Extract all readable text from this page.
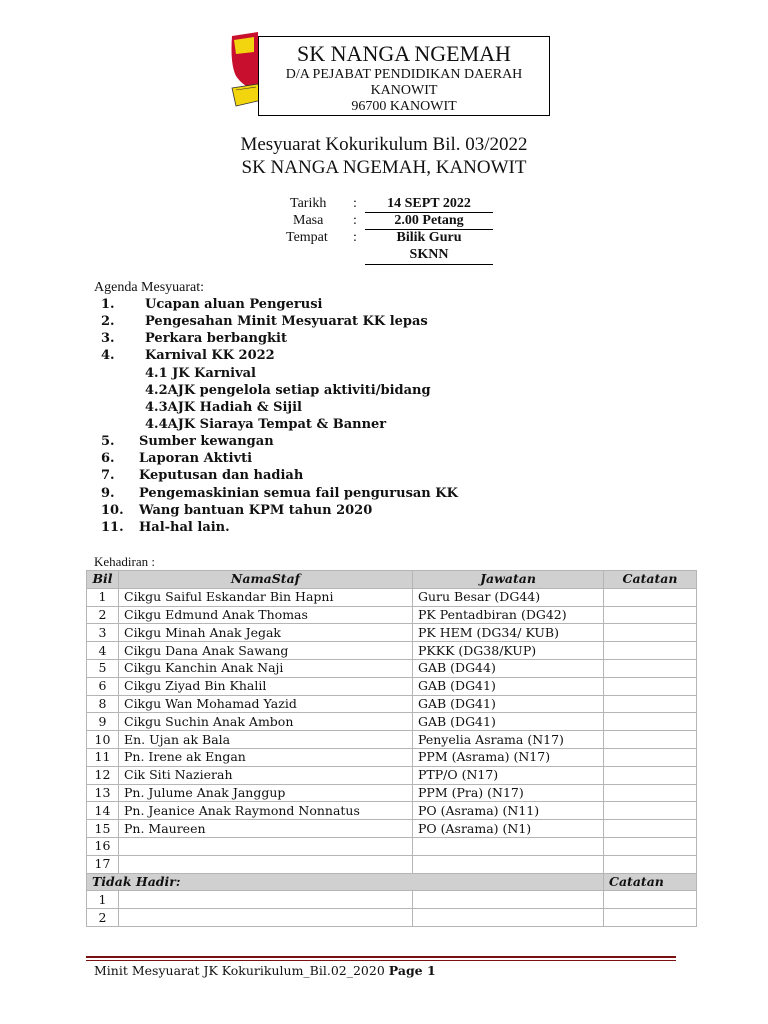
SK NANGA NGEMAH
D/A PEJABAT PENDIDIKAN DAERAH
KANOWIT
96700 KANOWIT
Mesyuarat Kokurikulum Bil. 03/2022
SK NANGA NGEMAH, KANOWIT
Tarikh :	14 SEPT 2022
Masa :	2.00 Petang
Tempat :	Bilik Guru
SKNN
Agenda Mesyuarat:
1. Ucapan aluan Pengerusi
2. Pengesahan Minit Mesyuarat KK lepas
3. Perkara berbangkit
4. Karnival KK 2022
4.1 JK Karnival
4.2AJK pengelola setiap aktiviti/bidang
4.3AJK Hadiah & Sijil
4.4AJK Siaraya Tempat & Banner
5. Sumber kewangan
6. Laporan Aktivti
7. Keputusan dan hadiah
9. Pengemaskinian semua fail pengurusan KK
10. Wang bantuan KPM tahun 2020
11. Hal-hal lain.
Kehadiran :
Bil	NamaStaf	Jawatan	Catatan
1	Cikgu Saiful Eskandar Bin Hapni	Guru Besar (DG44)	
2	Cikgu Edmund Anak Thomas	PK Pentadbiran (DG42)	
3	Cikgu Minah Anak Jegak	PK HEM (DG34/ KUB)	
4	Cikgu Dana Anak Sawang	PKKK (DG38/KUP)	
5	Cikgu Kanchin Anak Naji	GAB (DG44)	
6	Cikgu Ziyad Bin Khalil	GAB (DG41)	
8	Cikgu Wan Mohamad Yazid	GAB (DG41)	
9	Cikgu Suchin Anak Ambon	GAB (DG41)	
10	En. Ujan ak Bala	Penyelia Asrama (N17)	
11	Pn. Irene ak Engan	PPM (Asrama) (N17)	
12	Cik Siti Nazierah	PTP/O (N17)	
13	Pn. Julume Anak Janggup	PPM (Pra) (N17)	
14	Pn. Jeanice Anak Raymond Nonnatus	PO (Asrama) (N11)	
15	Pn. Maureen	PO (Asrama) (N1)	
16			
17			
Tidak Hadir:			Catatan
1			
2			
Minit Mesyuarat JK Kokurikulum_Bil.02_2020 Page 1
